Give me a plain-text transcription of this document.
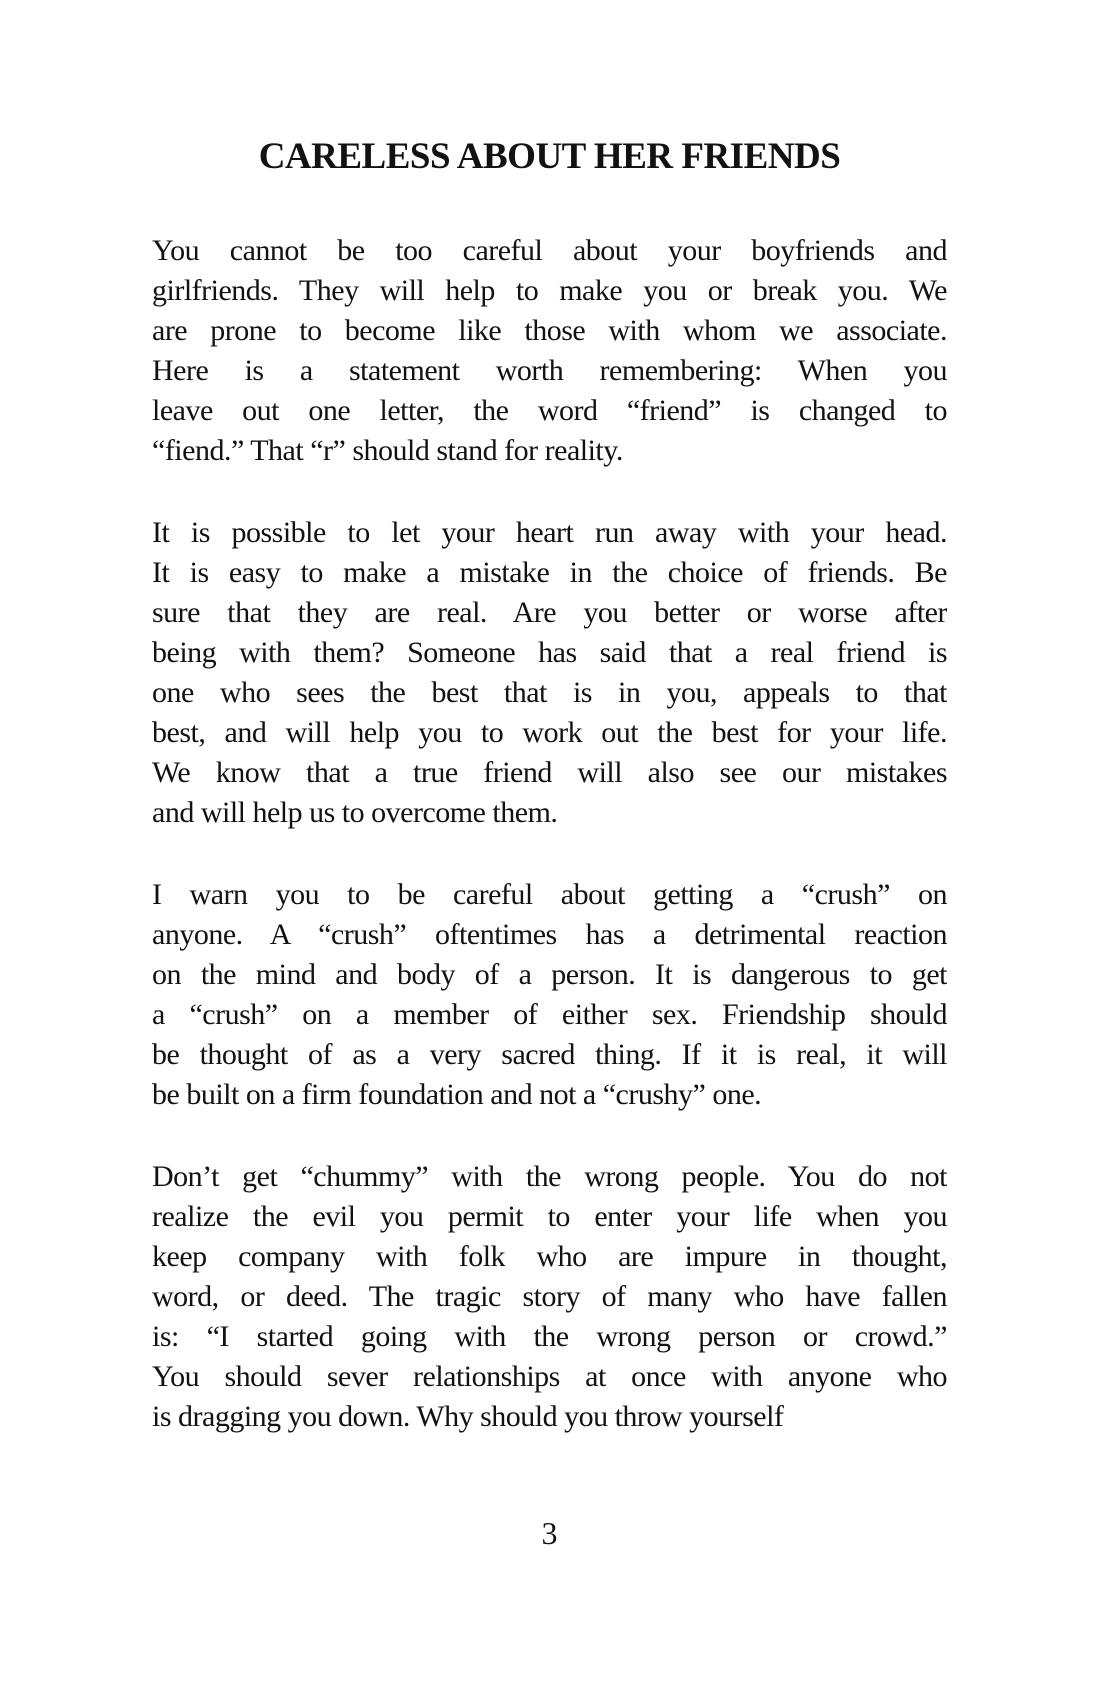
CARELESS ABOUT HER FRIENDS

You cannot be too careful about your boyfriends and
girlfriends. They will help to make you or break you. We
are prone to become like those with whom we associate.
Here is a statement worth remembering: When you
leave out one letter, the word “friend” is changed to
“fiend.” That “r” should stand for reality.

It is possible to let your heart run away with your head.
It is easy to make a mistake in the choice of friends. Be
sure that they are real. Are you better or worse after
being with them? Someone has said that a real friend is
one who sees the best that is in you, appeals to that
best, and will help you to work out the best for your life.
We know that a true friend will also see our mistakes
and will help us to overcome them.

I warn you to be careful about getting a “crush” on
anyone. A “crush” oftentimes has a detrimental reaction
on the mind and body of a person. It is dangerous to get
a “crush” on a member of either sex. Friendship should
be thought of as a very sacred thing. If it is real, it will
be built on a firm foundation and not a “crushy” one.

Don’t get “chummy” with the wrong people. You do not
realize the evil you permit to enter your life when you
keep company with folk who are impure in thought,
word, or deed. The tragic story of many who have fallen
is: “I started going with the wrong person or crowd.”
You should sever relationships at once with anyone who
is dragging you down. Why should you throw yourself

3
